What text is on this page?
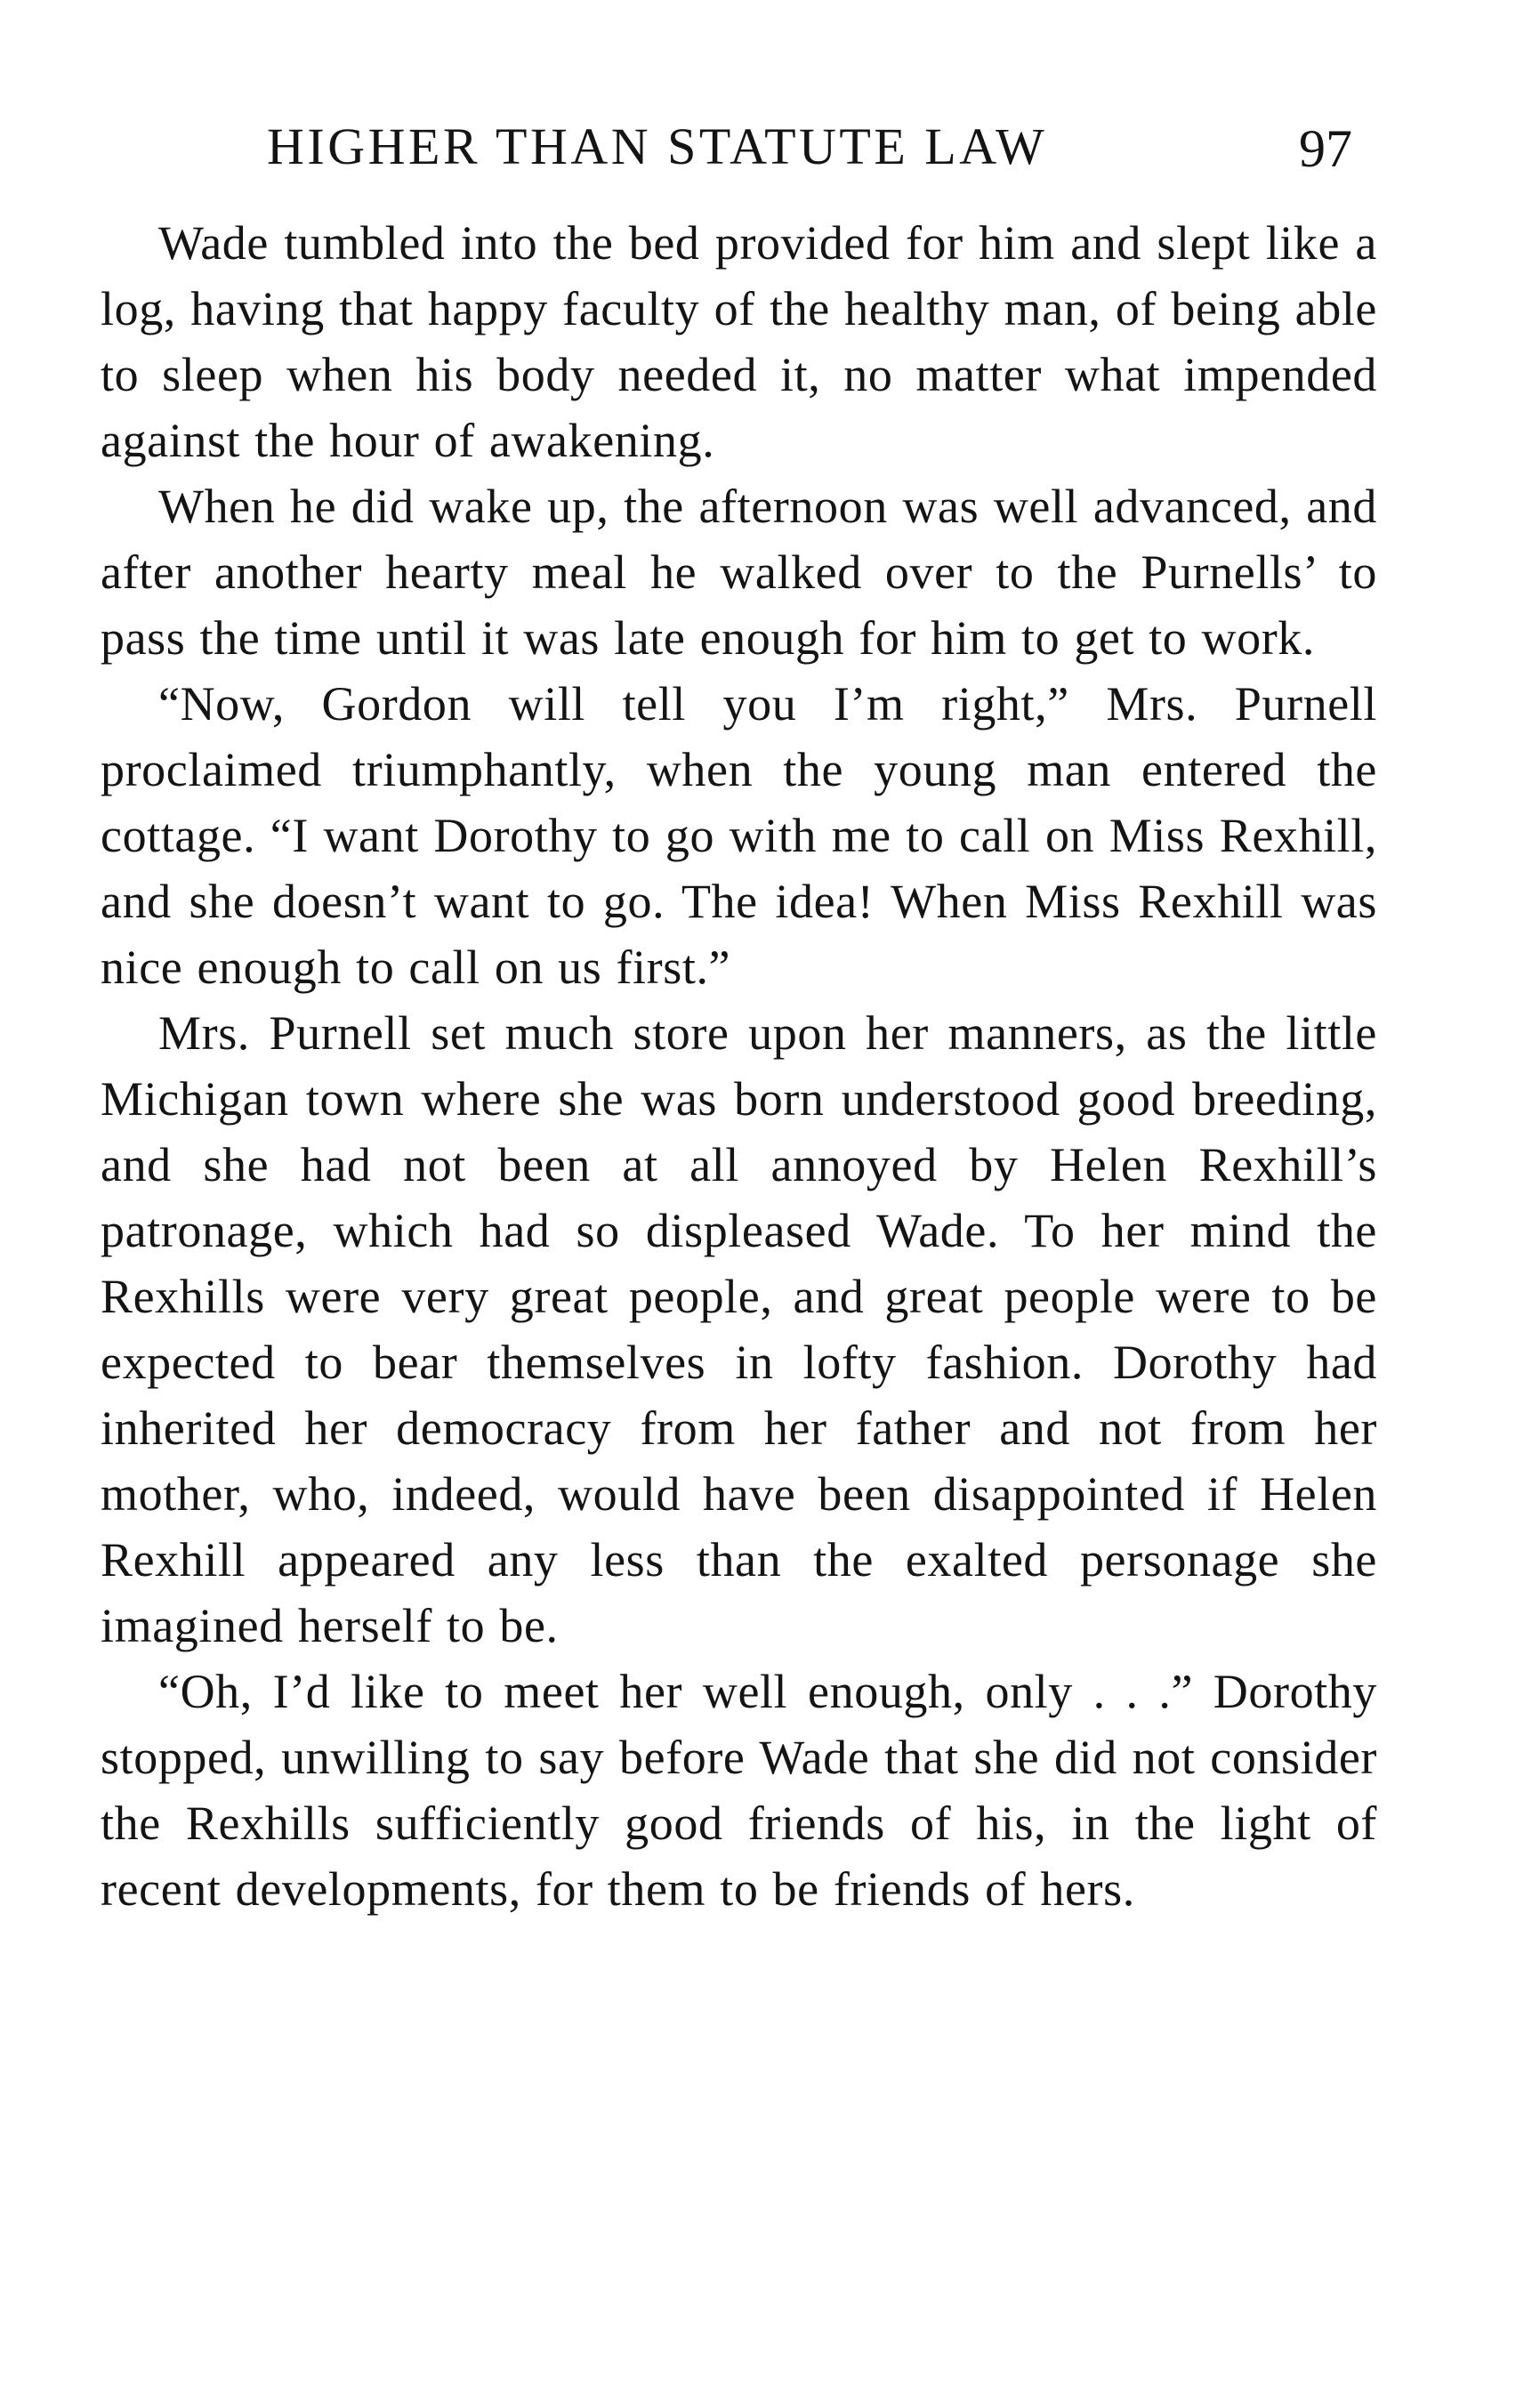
HIGHER THAN STATUTE LAW	97

Wade tumbled into the bed provided for him and slept like a log, having that happy faculty of the healthy man, of being able to sleep when his body needed it, no matter what impended against the hour of awakening.

When he did wake up, the afternoon was well advanced, and after another hearty meal he walked over to the Purnells’ to pass the time until it was late enough for him to get to work.

“Now, Gordon will tell you I’m right,” Mrs. Purnell proclaimed triumphantly, when the young man entered the cottage. “I want Dorothy to go with me to call on Miss Rexhill, and she doesn’t want to go. The idea! When Miss Rexhill was nice enough to call on us first.”

Mrs. Purnell set much store upon her manners, as the little Michigan town where she was born understood good breeding, and she had not been at all annoyed by Helen Rexhill’s patronage, which had so displeased Wade. To her mind the Rexhills were very great people, and great people were to be expected to bear themselves in lofty fashion. Dorothy had inherited her democracy from her father and not from her mother, who, indeed, would have been disappointed if Helen Rexhill appeared any less than the exalted personage she imagined herself to be.

“Oh, I’d like to meet her well enough, only . . .” Dorothy stopped, unwilling to say before Wade that she did not consider the Rexhills sufficiently good friends of his, in the light of recent developments, for them to be friends of hers.
